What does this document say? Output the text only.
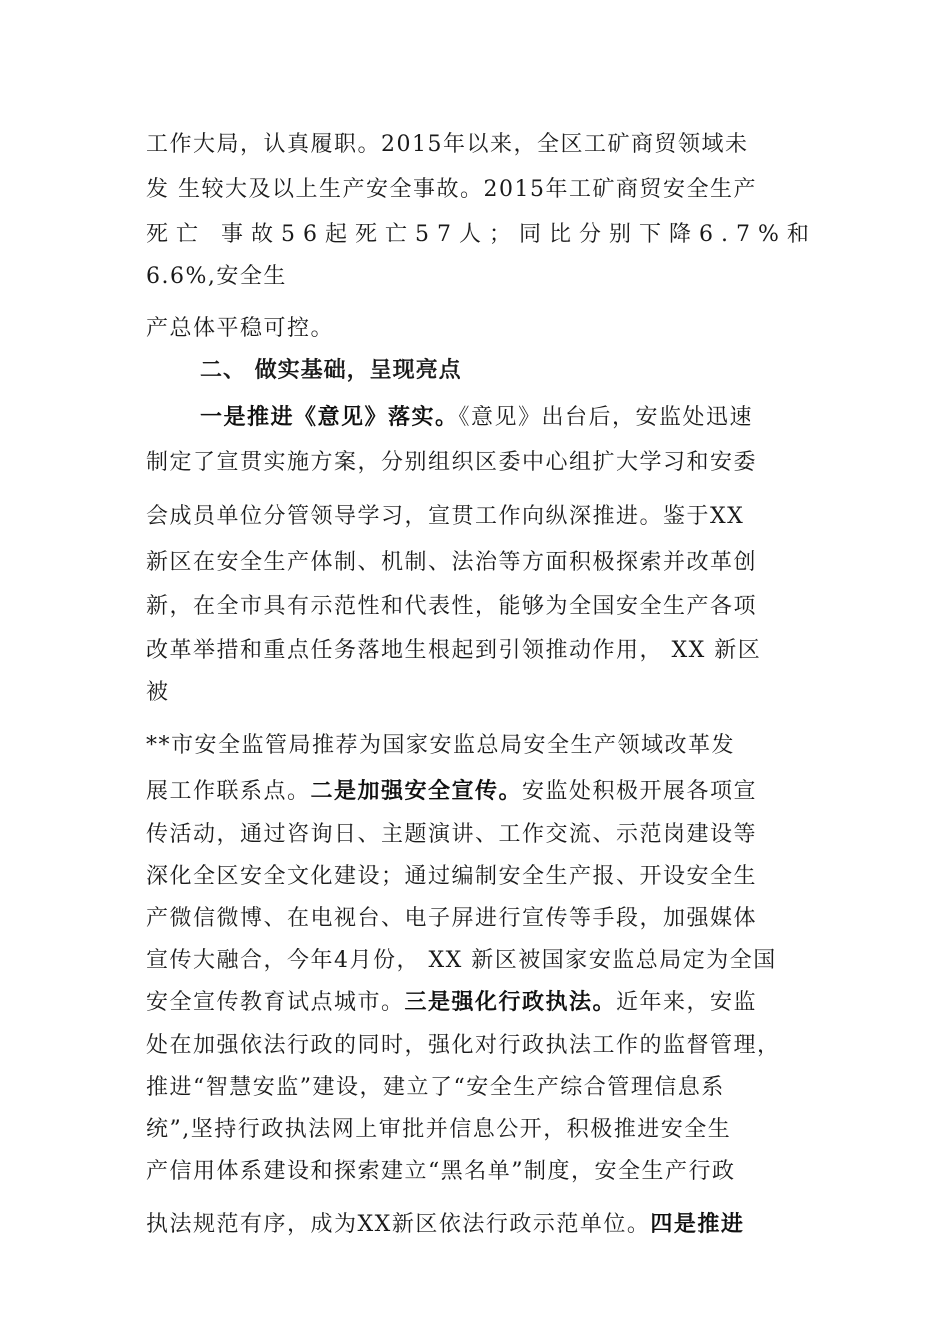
工作大局，认真履职。2015年以来，全区工矿商贸领域未
发 生较大及以上生产安全事故。2015年工矿商贸安全生产
死亡 事故56起死亡57人；同比分别下降6.7%和
6.6%,安全生
产总体平稳可控。
二、 做实基础，呈现亮点
一是推进《意见》落实。《意见》出台后，安监处迅速
制定了宣贯实施方案，分别组织区委中心组扩大学习和安委
会成员单位分管领导学习，宣贯工作向纵深推进。鉴于XX
新区在安全生产体制、机制、法治等方面积极探索并改革创
新，在全市具有示范性和代表性，能够为全国安全生产各项
改革举措和重点任务落地生根起到引领推动作用， XX 新区
被
**市安全监管局推荐为国家安监总局安全生产领域改革发
展工作联系点。二是加强安全宣传。安监处积极开展各项宣
传活动，通过咨询日、主题演讲、工作交流、示范岗建设等
深化全区安全文化建设；通过编制安全生产报、开设安全生
产微信微博、在电视台、电子屏进行宣传等手段，加强媒体
宣传大融合，今年4月份， XX 新区被国家安监总局定为全国
安全宣传教育试点城市。三是强化行政执法。近年来，安监
处在加强依法行政的同时，强化对行政执法工作的监督管理，
推进“智慧安监”建设，建立了“安全生产综合管理信息系
统”,坚持行政执法网上审批并信息公开，积极推进安全生
产信用体系建设和探索建立“黑名单”制度，安全生产行政
执法规范有序，成为XX新区依法行政示范单位。四是推进
